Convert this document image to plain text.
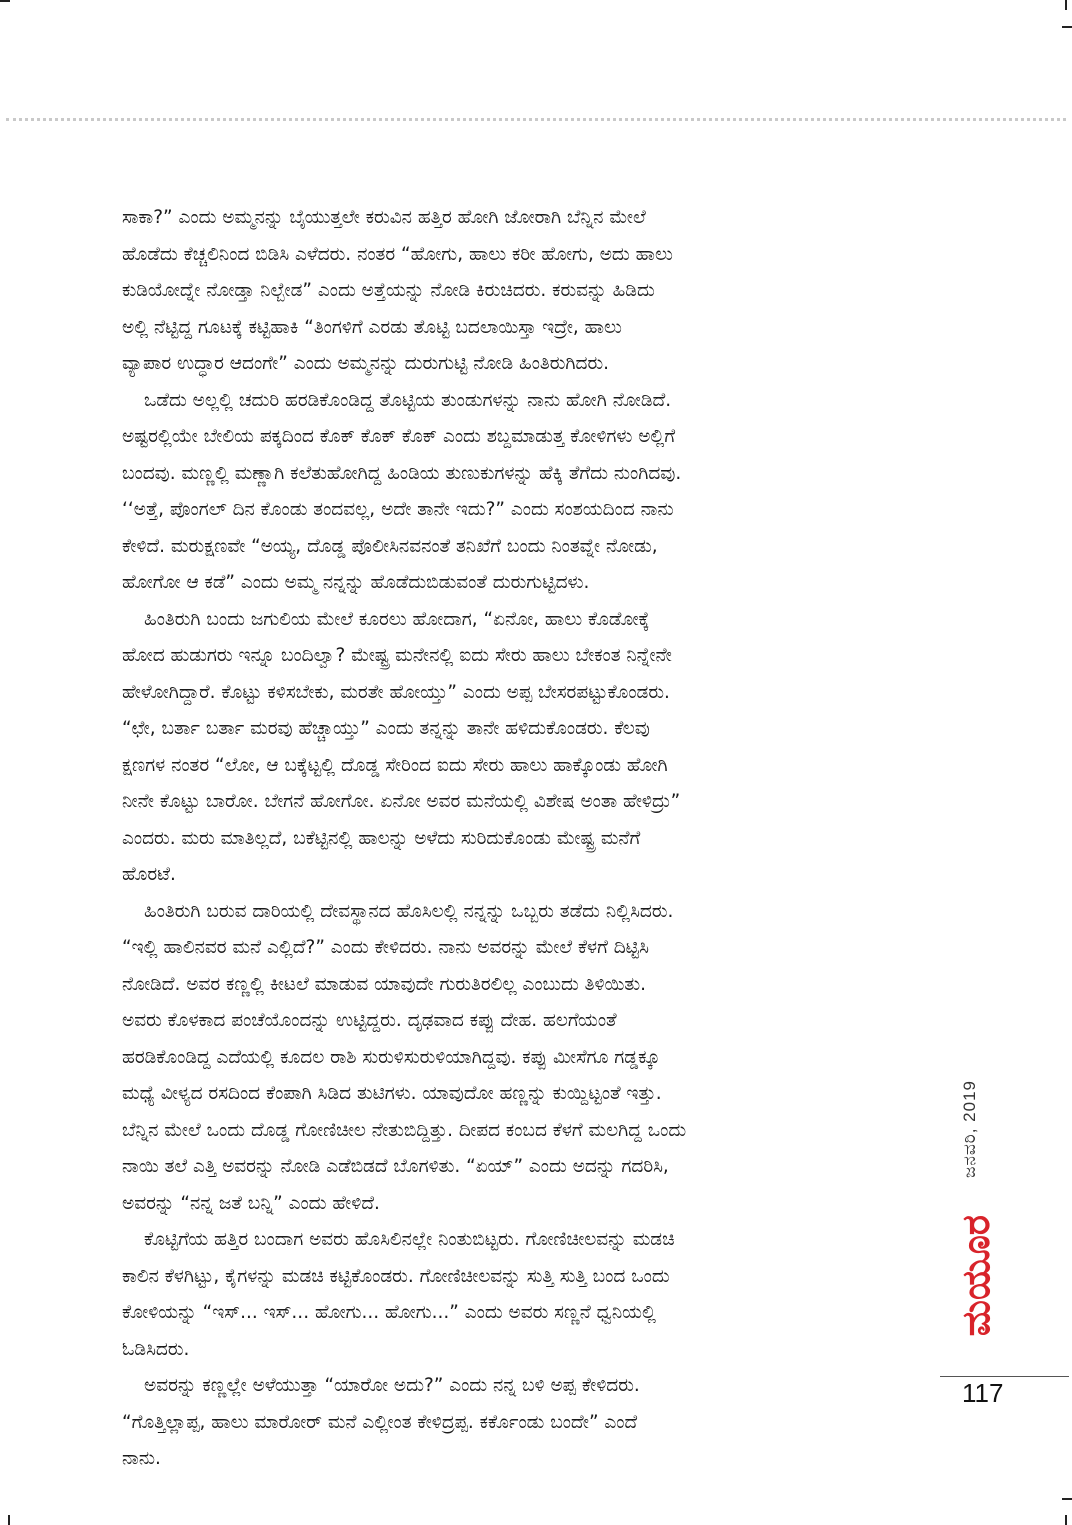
ಸಾಕಾ?” ಎಂದು ಅಮ್ಮನನ್ನು ಬೈಯುತ್ತಲೇ ಕರುವಿನ ಹತ್ತಿರ ಹೋಗಿ ಜೋರಾಗಿ ಬೆನ್ನಿನ ಮೇಲೆ
ಹೊಡೆದು ಕೆಚ್ಚಲಿನಿಂದ ಬಿಡಿಸಿ ಎಳೆದರು. ನಂತರ “ಹೋಗು, ಹಾಲು ಕರೀ ಹೋಗು, ಅದು ಹಾಲು
ಕುಡಿಯೋದ್ನೇ ನೋಡ್ತಾ ನಿಲ್ಬೇಡ” ಎಂದು ಅತ್ತೆಯನ್ನು ನೋಡಿ ಕಿರುಚಿದರು. ಕರುವನ್ನು ಹಿಡಿದು
ಅಲ್ಲಿ ನೆಟ್ಟಿದ್ದ ಗೂಟಕ್ಕೆ ಕಟ್ಟಿಹಾಕಿ “ತಿಂಗಳಿಗೆ ಎರಡು ತೊಟ್ಟಿ ಬದಲಾಯಿಸ್ತಾ ಇದ್ರೇ, ಹಾಲು
ವ್ಯಾಪಾರ ಉದ್ಧಾರ ಆದಂಗೇ” ಎಂದು ಅಮ್ಮನನ್ನು ದುರುಗುಟ್ಟಿ ನೋಡಿ ಹಿಂತಿರುಗಿದರು.
ಒಡೆದು ಅಲ್ಲಲ್ಲಿ ಚದುರಿ ಹರಡಿಕೊಂಡಿದ್ದ ತೊಟ್ಟಿಯ ತುಂಡುಗಳನ್ನು ನಾನು ಹೋಗಿ ನೋಡಿದೆ.
ಅಷ್ಟರಲ್ಲಿಯೇ ಬೇಲಿಯ ಪಕ್ಕದಿಂದ ಕೊಕ್ ಕೊಕ್ ಕೊಕ್ ಎಂದು ಶಬ್ದಮಾಡುತ್ತ ಕೋಳಿಗಳು ಅಲ್ಲಿಗೆ
ಬಂದವು. ಮಣ್ಣಲ್ಲಿ ಮಣ್ಣಾಗಿ ಕಲೆತುಹೋಗಿದ್ದ ಹಿಂಡಿಯ ತುಣುಕುಗಳನ್ನು ಹೆಕ್ಕಿ ತೆಗೆದು ನುಂಗಿದವು.
‘‘ಅತ್ತೆ, ಪೊಂಗಲ್ ದಿನ ಕೊಂಡು ತಂದವಲ್ಲ, ಅದೇ ತಾನೇ ಇದು?” ಎಂದು ಸಂಶಯದಿಂದ ನಾನು
ಕೇಳಿದೆ. ಮರುಕ್ಷಣವೇ “ಅಯ್ಯ, ದೊಡ್ಡ ಪೊಲೀಸಿನವನಂತೆ ತನಿಖೆಗೆ ಬಂದು ನಿಂತವ್ನೇ ನೋಡು,
ಹೋಗೋ ಆ ಕಡೆ” ಎಂದು ಅಮ್ಮ ನನ್ನನ್ನು ಹೊಡೆದುಬಿಡುವಂತೆ ದುರುಗುಟ್ಟಿದಳು.
ಹಿಂತಿರುಗಿ ಬಂದು ಜಗುಲಿಯ ಮೇಲೆ ಕೂರಲು ಹೋದಾಗ, “ಏನೋ, ಹಾಲು ಕೊಡೋಕ್ಕೆ
ಹೋದ ಹುಡುಗರು ಇನ್ನೂ ಬಂದಿಲ್ವಾ? ಮೇಷ್ಟ್ರ ಮನೇನಲ್ಲಿ ಐದು ಸೇರು ಹಾಲು ಬೇಕಂತ ನಿನ್ನೇನೇ
ಹೇಳೋಗಿದ್ದಾರೆ. ಕೊಟ್ಟು ಕಳಿಸಬೇಕು, ಮರತೇ ಹೋಯ್ತು” ಎಂದು ಅಪ್ಪ ಬೇಸರಪಟ್ಟುಕೊಂಡರು.
“ಛೇ, ಬರ್ತಾ ಬರ್ತಾ ಮರವು ಹೆಚ್ಚಾಯ್ತು” ಎಂದು ತನ್ನನ್ನು ತಾನೇ ಹಳಿದುಕೊಂಡರು. ಕೆಲವು
ಕ್ಷಣಗಳ ನಂತರ “ಲೋ, ಆ ಬಕ್ಕೆಟ್ಟಲ್ಲಿ ದೊಡ್ಡ ಸೇರಿಂದ ಐದು ಸೇರು ಹಾಲು ಹಾಕ್ಕೊಂಡು ಹೋಗಿ
ನೀನೇ ಕೊಟ್ಟು ಬಾರೋ. ಬೇಗನೆ ಹೋಗೋ. ಏನೋ ಅವರ ಮನೆಯಲ್ಲಿ ವಿಶೇಷ ಅಂತಾ ಹೇಳಿದ್ರು”
ಎಂದರು. ಮರು ಮಾತಿಲ್ಲದೆ, ಬಕೆಟ್ಟಿನಲ್ಲಿ ಹಾಲನ್ನು ಅಳೆದು ಸುರಿದುಕೊಂಡು ಮೇಷ್ಟ್ರ ಮನೆಗೆ
ಹೊರಟೆ.
ಹಿಂತಿರುಗಿ ಬರುವ ದಾರಿಯಲ್ಲಿ ದೇವಸ್ಥಾನದ ಹೊಸಿಲಲ್ಲಿ ನನ್ನನ್ನು ಒಬ್ಬರು ತಡೆದು ನಿಲ್ಲಿಸಿದರು.
“ಇಲ್ಲಿ ಹಾಲಿನವರ ಮನೆ ಎಲ್ಲಿದೆ?” ಎಂದು ಕೇಳಿದರು. ನಾನು ಅವರನ್ನು ಮೇಲೆ ಕೆಳಗೆ ದಿಟ್ಟಿಸಿ
ನೋಡಿದೆ. ಅವರ ಕಣ್ಣಲ್ಲಿ ಕೀಟಲೆ ಮಾಡುವ ಯಾವುದೇ ಗುರುತಿರಲಿಲ್ಲ ಎಂಬುದು ತಿಳಿಯಿತು.
ಅವರು ಕೊಳಕಾದ ಪಂಚೆಯೊಂದನ್ನು ಉಟ್ಟಿದ್ದರು. ದೃಢವಾದ ಕಪ್ಪು ದೇಹ. ಹಲಗೆಯಂತೆ
ಹರಡಿಕೊಂಡಿದ್ದ ಎದೆಯಲ್ಲಿ ಕೂದಲ ರಾಶಿ ಸುರುಳಿಸುರುಳಿಯಾಗಿದ್ದವು. ಕಪ್ಪು ಮೀಸೆಗೂ ಗಡ್ಡಕ್ಕೂ
ಮಧ್ಯೆ ವೀಳ್ಯದ ರಸದಿಂದ ಕೆಂಪಾಗಿ ಸಿಡಿದ ತುಟಿಗಳು. ಯಾವುದೋ ಹಣ್ಣನ್ನು ಕುಯ್ದಿಟ್ಟಂತೆ ಇತ್ತು.
ಬೆನ್ನಿನ ಮೇಲೆ ಒಂದು ದೊಡ್ಡ ಗೋಣಿಚೀಲ ನೇತುಬಿದ್ದಿತ್ತು. ದೀಪದ ಕಂಬದ ಕೆಳಗೆ ಮಲಗಿದ್ದ ಒಂದು
ನಾಯಿ ತಲೆ ಎತ್ತಿ ಅವರನ್ನು ನೋಡಿ ಎಡೆಬಿಡದೆ ಬೊಗಳಿತು. “ಏಯ್” ಎಂದು ಅದನ್ನು ಗದರಿಸಿ,
ಅವರನ್ನು “ನನ್ನ ಜತೆ ಬನ್ನಿ” ಎಂದು ಹೇಳಿದೆ.
ಕೊಟ್ಟಿಗೆಯ ಹತ್ತಿರ ಬಂದಾಗ ಅವರು ಹೊಸಿಲಿನಲ್ಲೇ ನಿಂತುಬಿಟ್ಟರು. ಗೋಣಿಚೀಲವನ್ನು ಮಡಚಿ
ಕಾಲಿನ ಕೆಳಗಿಟ್ಟು, ಕೈಗಳನ್ನು ಮಡಚಿ ಕಟ್ಟಿಕೊಂಡರು. ಗೋಣಿಚೀಲವನ್ನು ಸುತ್ತಿ ಸುತ್ತಿ ಬಂದ ಒಂದು
ಕೋಳಿಯನ್ನು “ಇಸ್... ಇಸ್... ಹೋಗು... ಹೋಗು...” ಎಂದು ಅವರು ಸಣ್ಣನೆ ಧ್ವನಿಯಲ್ಲಿ
ಓಡಿಸಿದರು.
ಅವರನ್ನು ಕಣ್ಣಲ್ಲೇ ಅಳೆಯುತ್ತಾ “ಯಾರೋ ಅದು?” ಎಂದು ನನ್ನ ಬಳಿ ಅಪ್ಪ ಕೇಳಿದರು.
“ಗೊತ್ತಿಲ್ಲಾಪ್ಪ, ಹಾಲು ಮಾರೋರ್ ಮನೆ ಎಲ್ಲೀಂತ ಕೇಳಿದ್ರಪ್ಪ. ಕರ್ಕೊಂಡು ಬಂದೇ” ಎಂದೆ
ನಾನು.
ಜನವರಿ, 2019
ಮಯೂರ
117
